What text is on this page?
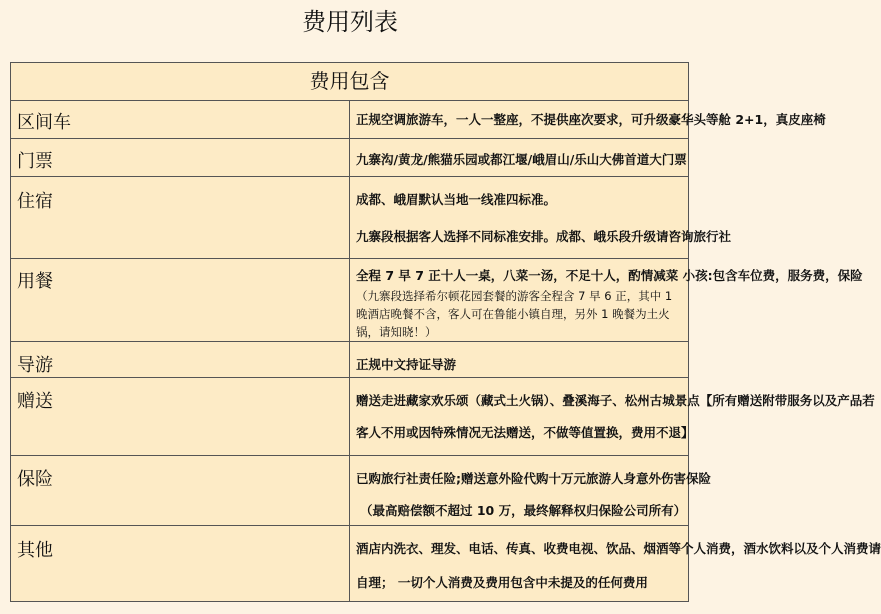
费用列表
费用包含	
区间车	正规空调旅游车，一人一整座，不提供座次要求，可升级豪华头等舱 2+1，真皮座椅

门票	九寨沟/黄龙/熊猫乐园或都江堰/峨眉山/乐山大佛首道大门票

住宿	成都、峨眉默认当地一线准四标准。
九寨段根据客人选择不同标准安排。成都、峨乐段升级请咨询旅行社

用餐	全程 7 早 7 正十人一桌，八菜一汤，不足十人，酌情减菜 小孩:包含车位费，服务费，保险
（九寨段选择希尔顿花园套餐的游客全程含 7 早 6 正，其中 1 晚酒店晚餐不含，客人可在鲁能小镇自理，另外 1 晚餐为土火锅，请知晓！）

导游	正规中文持证导游

赠送	赠送走进藏家欢乐颂（藏式土火锅）、叠溪海子、松州古城景点【所有赠送附带服务以及产品若
客人不用或因特殊情况无法赠送，不做等值置换，费用不退】

保险	已购旅行社责任险;赠送意外险代购十万元旅游人身意外伤害保险
（最高赔偿额不超过 10 万，最终解释权归保险公司所有）

其他	酒店内洗衣、理发、电话、传真、收费电视、饮品、烟酒等个人消费，酒水饮料以及个人消费请
自理； 一切个人消费及费用包含中未提及的任何费用
